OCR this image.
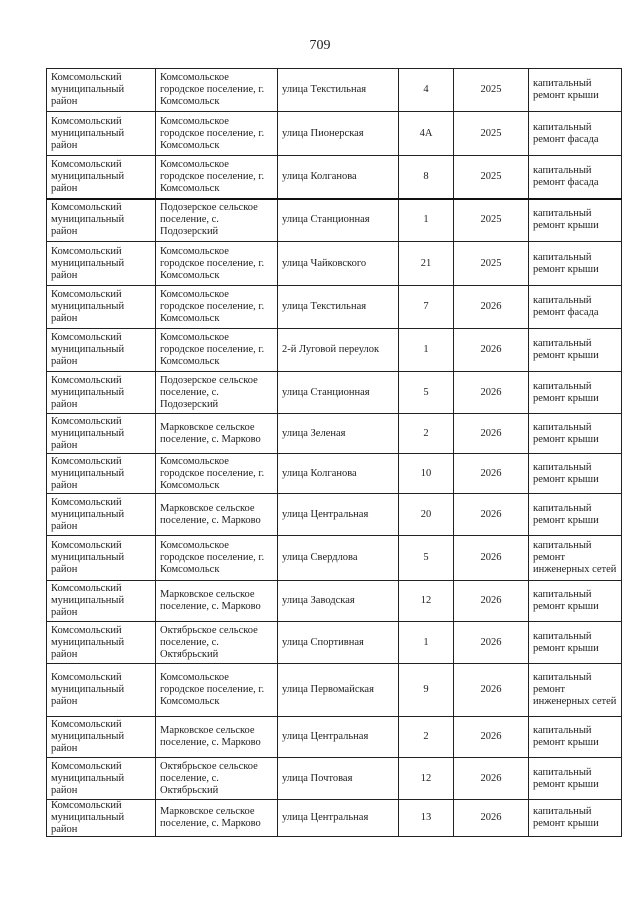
709
Комсомольский муниципальный район	Комсомольское городское поселение, г. Комсомольск	улица Текстильная	4	2025	капитальный ремонт крыши
Комсомольский муниципальный район	Комсомольское городское поселение, г. Комсомольск	улица Пионерская	4А	2025	капитальный ремонт фасада
Комсомольский муниципальный район	Комсомольское городское поселение, г. Комсомольск	улица Колганова	8	2025	капитальный ремонт фасада
Комсомольский муниципальный район	Подозерское сельское поселение, с. Подозерский	улица Станционная	1	2025	капитальный ремонт крыши
Комсомольский муниципальный район	Комсомольское городское поселение, г. Комсомольск	улица Чайковского	21	2025	капитальный ремонт крыши
Комсомольский муниципальный район	Комсомольское городское поселение, г. Комсомольск	улица Текстильная	7	2026	капитальный ремонт фасада
Комсомольский муниципальный район	Комсомольское городское поселение, г. Комсомольск	2-й Луговой переулок	1	2026	капитальный ремонт крыши
Комсомольский муниципальный район	Подозерское сельское поселение, с. Подозерский	улица Станционная	5	2026	капитальный ремонт крыши
Комсомольский муниципальный район	Марковское сельское поселение, с. Марково	улица Зеленая	2	2026	капитальный ремонт крыши
Комсомольский муниципальный район	Комсомольское городское поселение, г. Комсомольск	улица Колганова	10	2026	капитальный ремонт крыши
Комсомольский муниципальный район	Марковское сельское поселение, с. Марково	улица Центральная	20	2026	капитальный ремонт крыши
Комсомольский муниципальный район	Комсомольское городское поселение, г. Комсомольск	улица Свердлова	5	2026	капитальный ремонт инженерных сетей
Комсомольский муниципальный район	Марковское сельское поселение, с. Марково	улица Заводская	12	2026	капитальный ремонт крыши
Комсомольский муниципальный район	Октябрьское сельское поселение, с. Октябрьский	улица Спортивная	1	2026	капитальный ремонт крыши
Комсомольский муниципальный район	Комсомольское городское поселение, г. Комсомольск	улица Первомайская	9	2026	капитальный ремонт инженерных сетей
Комсомольский муниципальный район	Марковское сельское поселение, с. Марково	улица Центральная	2	2026	капитальный ремонт крыши
Комсомольский муниципальный район	Октябрьское сельское поселение, с. Октябрьский	улица Почтовая	12	2026	капитальный ремонт крыши
Комсомольский муниципальный район	Марковское сельское поселение, с. Марково	улица Центральная	13	2026	капитальный ремонт крыши
